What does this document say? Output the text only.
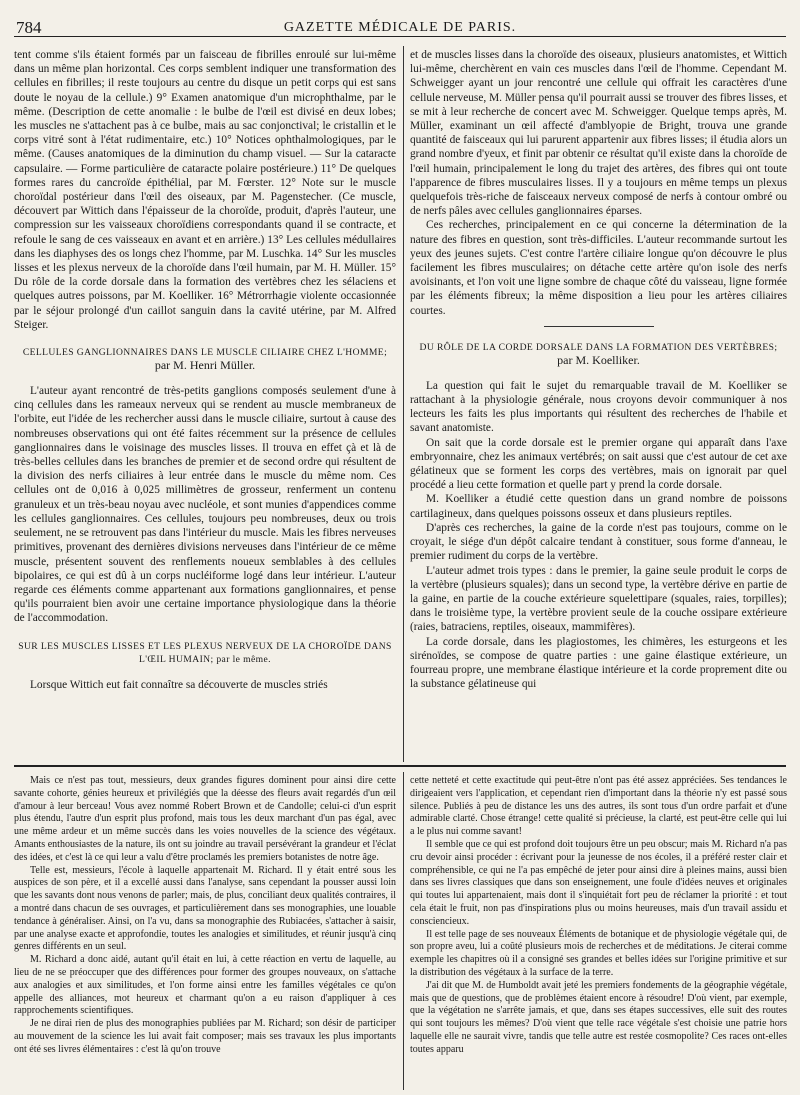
784	GAZETTE MÉDICALE DE PARIS.

tent comme s'ils étaient formés par un faisceau de fibrilles enroulé sur lui-même dans un même plan horizontal. Ces corps semblent indiquer une transformation des cellules en fibrilles; il reste toujours au centre du disque un petit corps qui est sans doute le noyau de la cellule.) 9° Examen anatomique d'un microphthalme, par le même. (Description de cette anomalie : le bulbe de l'œil est divisé en deux lobes; les muscles ne s'attachent pas à ce bulbe, mais au sac conjonctival; le cristallin et le corps vitré sont à l'état rudimentaire, etc.) 10° Notices ophthalmologiques, par le même. (Causes anatomiques de la diminution du champ visuel. — Sur la cataracte capsulaire. — Forme particulière de cataracte polaire postérieure.) 11° De quelques formes rares du cancroïde épithélial, par M. Fœrster. 12° Note sur le muscle choroïdal postérieur dans l'œil des oiseaux, par M. Pagenstecher. (Ce muscle, découvert par Wittich dans l'épaisseur de la choroïde, produit, d'après l'auteur, une compression sur les vaisseaux choroïdiens correspondants quand il se contracte, et refoule le sang de ces vaisseaux en avant et en arrière.) 13° Les cellules médullaires dans les diaphyses des os longs chez l'homme, par M. Luschka. 14° Sur les muscles lisses et les plexus nerveux de la choroïde dans l'œil humain, par M. H. Müller. 15° Du rôle de la corde dorsale dans la formation des vertèbres chez les sélaciens et quelques autres poissons, par M. Koelliker. 16° Métrorrhagie violente occasionnée par le séjour prolongé d'un caillot sanguin dans la cavité utérine, par M. Alfred Steiger.

CELLULES GANGLIONNAIRES DANS LE MUSCLE CILIAIRE CHEZ L'HOMME;
par M. Henri Müller.

L'auteur ayant rencontré de très-petits ganglions composés seulement d'une à cinq cellules dans les rameaux nerveux qui se rendent au muscle membraneux de l'orbite, eut l'idée de les rechercher aussi dans le muscle ciliaire, surtout à cause des nombreuses observations qui ont été faites récemment sur la présence de cellules ganglionnaires dans le voisinage des muscles lisses. Il trouva en effet çà et là de très-belles cellules dans les branches de premier et de second ordre qui résultent de la division des nerfs ciliaires à leur entrée dans le muscle du même nom. Ces cellules ont de 0,016 à 0,025 millimètres de grosseur, renferment un contenu granuleux et un très-beau noyau avec nucléole, et sont munies d'appendices comme les cellules ganglionnaires. Ces cellules, toujours peu nombreuses, deux ou trois seulement, ne se retrouvent pas dans l'intérieur du muscle. Mais les fibres nerveuses primitives, provenant des dernières divisions nerveuses dans l'intérieur de ce même muscle, présentent souvent des renflements noueux semblables à des cellules bipolaires, ce qui est dû à un corps nucléiforme logé dans leur intérieur. L'auteur regarde ces éléments comme appartenant aux formations ganglionnaires, et pense qu'ils pourraient bien avoir une certaine importance physiologique dans la théorie de l'accommodation.

SUR LES MUSCLES LISSES ET LES PLEXUS NERVEUX DE LA CHOROÏDE DANS L'ŒIL HUMAIN; par le même.

Lorsque Wittich eut fait connaître sa découverte de muscles striés

et de muscles lisses dans la choroïde des oiseaux, plusieurs anatomistes, et Wittich lui-même, cherchèrent en vain ces muscles dans l'œil de l'homme. Cependant M. Schweigger ayant un jour rencontré une cellule qui offrait les caractères d'une cellule nerveuse, M. Müller pensa qu'il pourrait aussi se trouver des fibres lisses, et se mit à leur recherche de concert avec M. Schweigger. Quelque temps après, M. Müller, examinant un œil affecté d'amblyopie de Bright, trouva une grande quantité de faisceaux qui lui parurent appartenir aux fibres lisses; il étudia alors un grand nombre d'yeux, et finit par obtenir ce résultat qu'il existe dans la choroïde de l'œil humain, principalement le long du trajet des artères, des fibres qui ont toute l'apparence de fibres musculaires lisses. Il y a toujours en même temps un plexus quelquefois très-riche de faisceaux nerveux composé de nerfs à contour ombré ou de nerfs pâles avec cellules ganglionnaires éparses.

Ces recherches, principalement en ce qui concerne la détermination de la nature des fibres en question, sont très-difficiles. L'auteur recommande surtout les yeux des jeunes sujets. C'est contre l'artère ciliaire longue qu'on découvre le plus facilement les fibres musculaires; on détache cette artère qu'on isole des nerfs avoisinants, et l'on voit une ligne sombre de chaque côté du vaisseau, ligne formée par les éléments fibreux; la même disposition a lieu pour les artères ciliaires courtes.

DU RÔLE DE LA CORDE DORSALE DANS LA FORMATION DES VERTÈBRES;
par M. Koelliker.

La question qui fait le sujet du remarquable travail de M. Koelliker se rattachant à la physiologie générale, nous croyons devoir communiquer à nos lecteurs les faits les plus importants qui résultent des recherches de l'habile et savant anatomiste.

On sait que la corde dorsale est le premier organe qui apparaît dans l'axe embryonnaire, chez les animaux vertébrés; on sait aussi que c'est autour de cet axe gélatineux que se forment les corps des vertèbres, mais on ignorait par quel procédé a lieu cette formation et quelle part y prend la corde dorsale.

M. Koelliker a étudié cette question dans un grand nombre de poissons cartilagineux, dans quelques poissons osseux et dans plusieurs reptiles.

D'après ces recherches, la gaine de la corde n'est pas toujours, comme on le croyait, le siége d'un dépôt calcaire tendant à constituer, sous forme d'anneau, le premier rudiment du corps de la vertèbre.

L'auteur admet trois types : dans le premier, la gaine seule produit le corps de la vertèbre (plusieurs squales); dans un second type, la vertèbre dérive en partie de la gaine, en partie de la couche extérieure squelettipare (squales, raies, torpilles); dans le troisième type, la vertèbre provient seule de la couche ossipare extérieure (raies, batraciens, reptiles, oiseaux, mammifères).

La corde dorsale, dans les plagiostomes, les chimères, les esturgeons et les sirénoïdes, se compose de quatre parties : une gaine élastique extérieure, un fourreau propre, une membrane élastique intérieure et la corde proprement dite ou la substance gélatineuse qui

Mais ce n'est pas tout, messieurs, deux grandes figures dominent pour ainsi dire cette savante cohorte, génies heureux et privilégiés que la déesse des fleurs avait regardés d'un œil d'amour à leur berceau! Vous avez nommé Robert Brown et de Candolle; celui-ci d'un esprit plus étendu, l'autre d'un esprit plus profond, mais tous les deux marchant d'un pas égal, avec une même ardeur et un même succès dans les voies nouvelles de la science des végétaux. Amants enthousiastes de la nature, ils ont su joindre au travail persévérant la grandeur et l'éclat des idées, et c'est là ce qui leur a valu d'être proclamés les premiers botanistes de notre âge.

Telle est, messieurs, l'école à laquelle appartenait M. Richard. Il y était entré sous les auspices de son père, et il a excellé aussi dans l'analyse, sans cependant la pousser aussi loin que les savants dont nous venons de parler; mais, de plus, conciliant deux qualités contraires, il a montré dans chacun de ses ouvrages, et particulièrement dans ses monographies, une louable tendance à généraliser. Ainsi, on l'a vu, dans sa monographie des Rubiacées, s'attacher à saisir, par une analyse exacte et approfondie, toutes les analogies et similitudes, et réunir jusqu'à cinq genres différents en un seul.

M. Richard a donc aidé, autant qu'il était en lui, à cette réaction en vertu de laquelle, au lieu de ne se préoccuper que des différences pour former des groupes nouveaux, on s'attache aux analogies et aux similitudes, et l'on forme ainsi entre les familles végétales ce qu'on appelle des alliances, mot heureux et charmant qu'on a eu raison d'appliquer à ces rapprochements scientifiques.

Je ne dirai rien de plus des monographies publiées par M. Richard; son désir de participer au mouvement de la science les lui avait fait composer; mais ses travaux les plus importants ont été ses livres élémentaires : c'est là qu'on trouve

cette netteté et cette exactitude qui peut-être n'ont pas été assez appréciées. Ses tendances le dirigeaient vers l'application, et cependant rien d'important dans la théorie n'y est passé sous silence. Publiés à peu de distance les uns des autres, ils sont tous d'un ordre parfait et d'une admirable clarté. Chose étrange! cette qualité si précieuse, la clarté, est peut-être celle qui lui a le plus nui comme savant!

Il semble que ce qui est profond doit toujours être un peu obscur; mais M. Richard n'a pas cru devoir ainsi procéder : écrivant pour la jeunesse de nos écoles, il a préféré rester clair et compréhensible, ce qui ne l'a pas empêché de jeter pour ainsi dire à pleines mains, aussi bien dans ses livres classiques que dans son enseignement, une foule d'idées neuves et originales qui toutes lui appartenaient, mais dont il s'inquiétait fort peu de réclamer la priorité : et tout cela était le fruit, non pas d'inspirations plus ou moins heureuses, mais d'un travail assidu et consciencieux.

Il est telle page de ses nouveaux Éléments de botanique et de physiologie végétale qui, de son propre aveu, lui a coûté plusieurs mois de recherches et de méditations. Je citerai comme exemple les chapitres où il a consigné ses grandes et belles idées sur l'origine primitive et sur la distribution des végétaux à la surface de la terre.

J'ai dit que M. de Humboldt avait jeté les premiers fondements de la géographie végétale, mais que de questions, que de problèmes étaient encore à résoudre! D'où vient, par exemple, que la végétation ne s'arrête jamais, et que, dans ses étapes successives, elle suit des routes qui sont toujours les mêmes? D'où vient que telle race végétale s'est choisie une patrie hors laquelle elle ne saurait vivre, tandis que telle autre est restée cosmopolite? Ces races ont-elles toutes apparu
